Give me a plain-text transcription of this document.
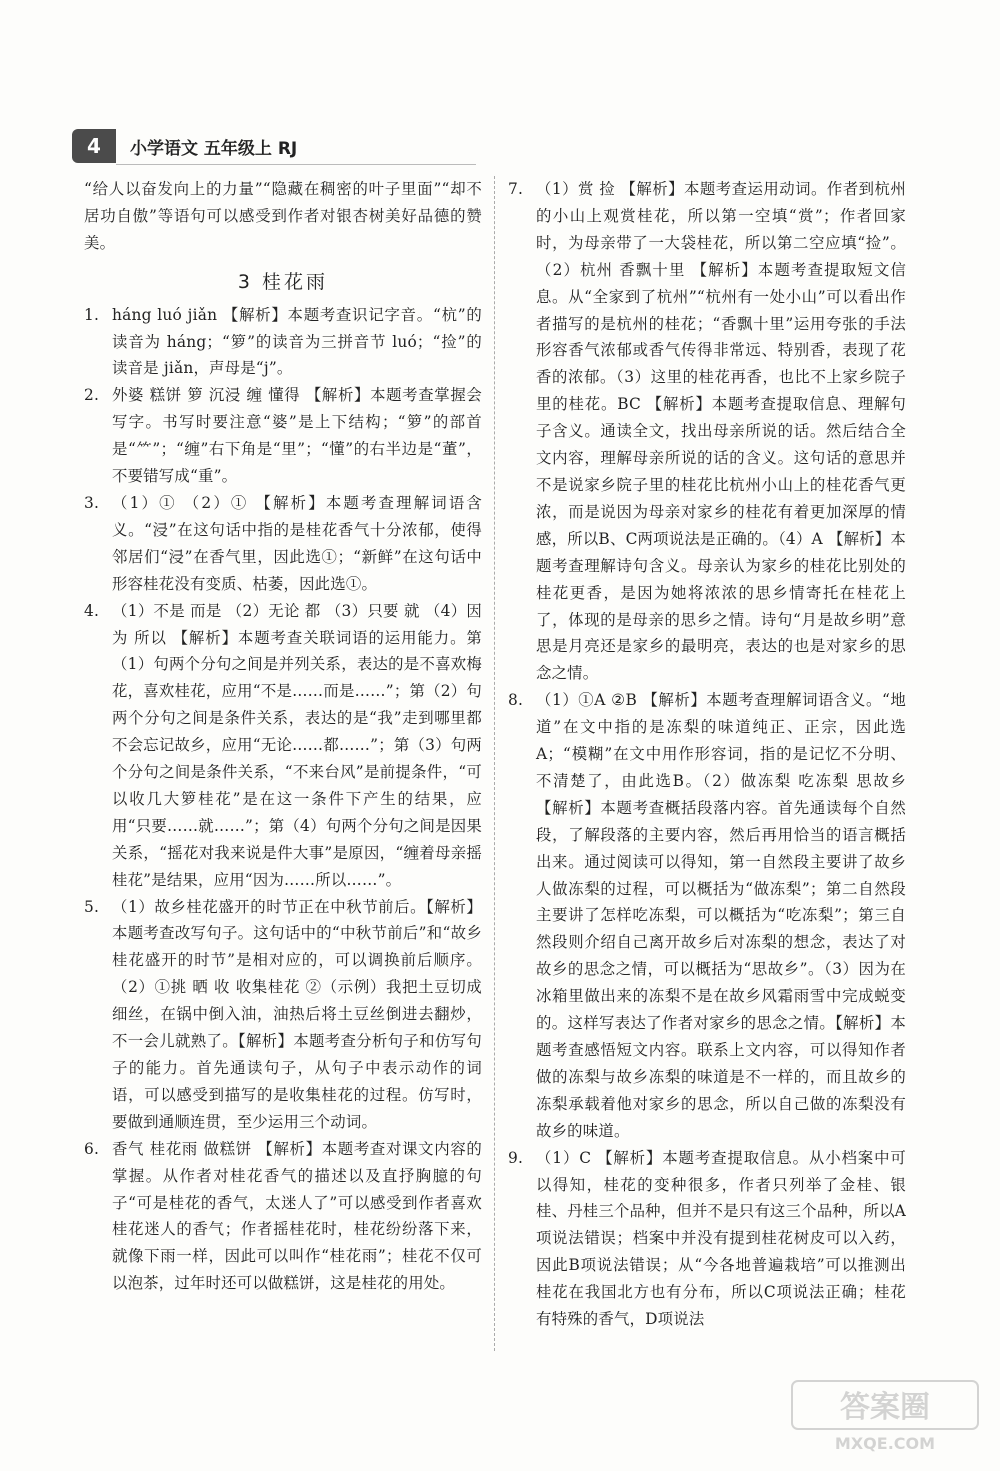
4	小学语文 五年级上 RJ

“给人以奋发向上的力量”“隐藏在稠密的叶子里面”“却不居功自傲”等语句可以感受到作者对银杏树美好品德的赞美。

3 桂花雨
1. háng luó jiǎn 【解析】本题考查识记字音。“杭”的读音为 háng；“箩”的读音为三拼音节 luó；“捡”的读音是 jiǎn，声母是“j”。
2. 外婆 糕饼 箩 沉浸 缠 懂得 【解析】本题考查掌握会写字。书写时要注意“婆”是上下结构；“箩”的部首是“⺮”；“缠”右下角是“里”；“懂”的右半边是“董”，不要错写成“重”。
3. （1）① （2）① 【解析】本题考查理解词语含义。“浸”在这句话中指的是桂花香气十分浓郁，使得邻居们“浸”在香气里，因此选①；“新鲜”在这句话中形容桂花没有变质、枯萎，因此选①。
4. （1）不是 而是 （2）无论 都 （3）只要 就 （4）因为 所以 【解析】本题考查关联词语的运用能力。第（1）句两个分句之间是并列关系，表达的是不喜欢梅花，喜欢桂花，应用“不是……而是……”；第（2）句两个分句之间是条件关系，表达的是“我”走到哪里都不会忘记故乡，应用“无论……都……”；第（3）句两个分句之间是条件关系，“不来台风”是前提条件，“可以收几大箩桂花”是在这一条件下产生的结果，应用“只要……就……”；第（4）句两个分句之间是因果关系，“摇花对我来说是件大事”是原因，“缠着母亲摇桂花”是结果，应用“因为……所以……”。
5. （1）故乡桂花盛开的时节正在中秋节前后。【解析】本题考查改写句子。这句话中的“中秋节前后”和“故乡桂花盛开的时节”是相对应的，可以调换前后顺序。（2）①挑 晒 收 收集桂花 ②（示例）我把土豆切成细丝，在锅中倒入油，油热后将土豆丝倒进去翻炒，不一会儿就熟了。【解析】本题考查分析句子和仿写句子的能力。首先通读句子，从句子中表示动作的词语，可以感受到描写的是收集桂花的过程。仿写时，要做到通顺连贯，至少运用三个动词。
6. 香气 桂花雨 做糕饼 【解析】本题考查对课文内容的掌握。从作者对桂花香气的描述以及直抒胸臆的句子“可是桂花的香气，太迷人了”可以感受到作者喜欢桂花迷人的香气；作者摇桂花时，桂花纷纷落下来，就像下雨一样，因此可以叫作“桂花雨”；桂花不仅可以泡茶，过年时还可以做糕饼，这是桂花的用处。
7. （1）赏 捡 【解析】本题考查运用动词。作者到杭州的小山上观赏桂花，所以第一空填“赏”；作者回家时，为母亲带了一大袋桂花，所以第二空应填“捡”。（2）杭州 香飘十里 【解析】本题考查提取短文信息。从“全家到了杭州”“杭州有一处小山”可以看出作者描写的是杭州的桂花；“香飘十里”运用夸张的手法形容香气浓郁或香气传得非常远、特别香，表现了花香的浓郁。（3）这里的桂花再香，也比不上家乡院子里的桂花。BC 【解析】本题考查提取信息、理解句子含义。通读全文，找出母亲所说的话。然后结合全文内容，理解母亲所说的话的含义。这句话的意思并不是说家乡院子里的桂花比杭州小山上的桂花香气更浓，而是说因为母亲对家乡的桂花有着更加深厚的情感，所以B、C两项说法是正确的。（4）A 【解析】本题考查理解诗句含义。母亲认为家乡的桂花比别处的桂花更香，是因为她将浓浓的思乡情寄托在桂花上了，体现的是母亲的思乡之情。诗句“月是故乡明”意思是月亮还是家乡的最明亮，表达的也是对家乡的思念之情。
8. （1）①A ②B 【解析】本题考查理解词语含义。“地道”在文中指的是冻梨的味道纯正、正宗，因此选A；“模糊”在文中用作形容词，指的是记忆不分明、不清楚了，由此选B。（2）做冻梨 吃冻梨 思故乡 【解析】本题考查概括段落内容。首先通读每个自然段，了解段落的主要内容，然后再用恰当的语言概括出来。通过阅读可以得知，第一自然段主要讲了故乡人做冻梨的过程，可以概括为“做冻梨”；第二自然段主要讲了怎样吃冻梨，可以概括为“吃冻梨”；第三自然段则介绍自己离开故乡后对冻梨的想念，表达了对故乡的思念之情，可以概括为“思故乡”。（3）因为在冰箱里做出来的冻梨不是在故乡风霜雨雪中完成蜕变的。这样写表达了作者对家乡的思念之情。【解析】本题考查感悟短文内容。联系上文内容，可以得知作者做的冻梨与故乡冻梨的味道是不一样的，而且故乡的冻梨承载着他对家乡的思念，所以自己做的冻梨没有故乡的味道。
9. （1）C 【解析】本题考查提取信息。从小档案中可以得知，桂花的变种很多，作者只列举了金桂、银桂、丹桂三个品种，但并不是只有这三个品种，所以A项说法错误；档案中并没有提到桂花树皮可以入药，因此B项说法错误；从“今各地普遍栽培”可以推测出桂花在我国北方也有分布，所以C项说法正确；桂花有特殊的香气，D项说法
答案圈
MXQE.COM
